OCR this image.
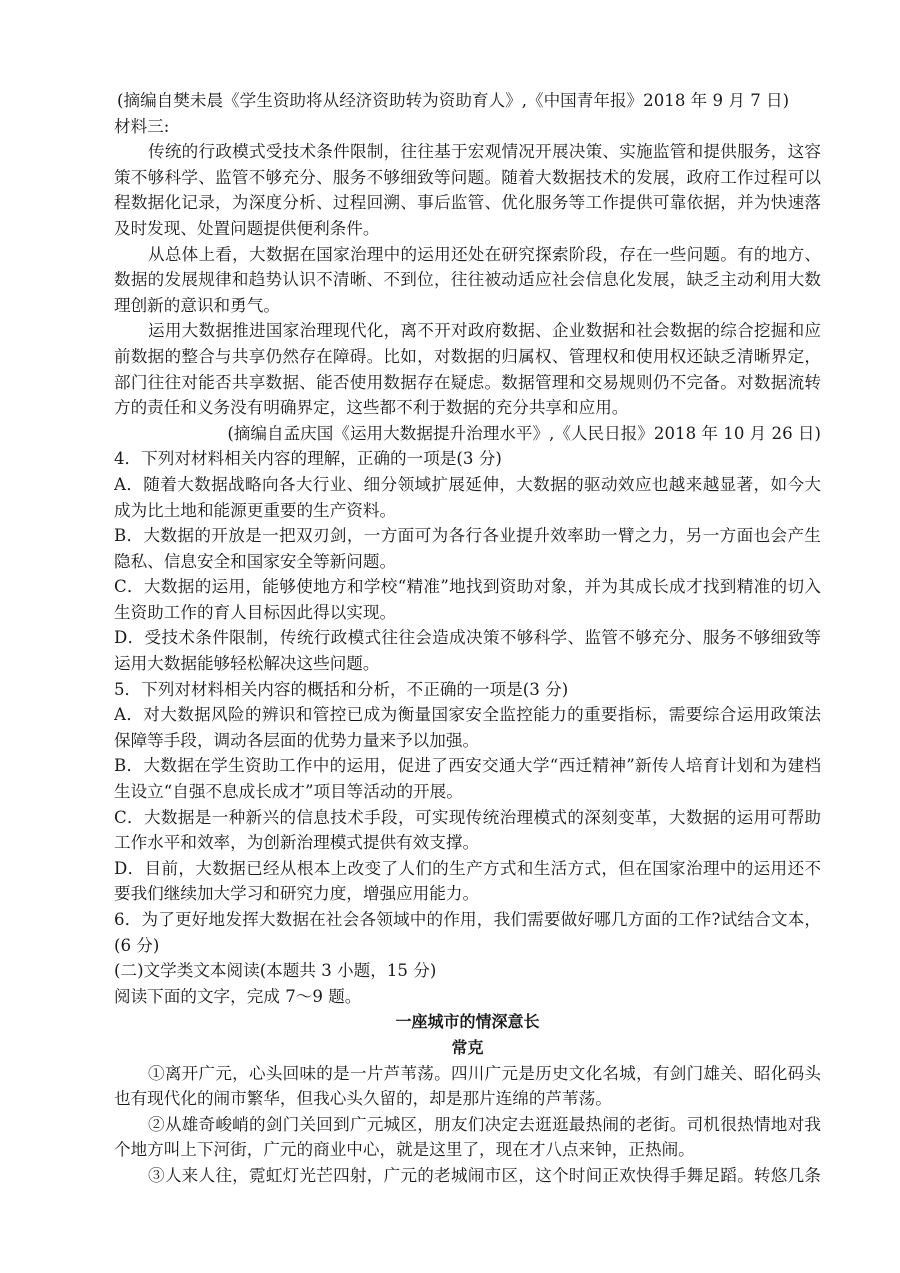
(摘编自樊未晨《学生资助将从经济资助转为资助育人》,《中国青年报》2018 年 9 月 7 日)
材料三:
传统的行政模式受技术条件限制，往往基于宏观情况开展决策、实施监管和提供服务，这容
策不够科学、监管不够充分、服务不够细致等问题。随着大数据技术的发展，政府工作过程可以
程数据化记录，为深度分析、过程回溯、事后监管、优化服务等工作提供可靠依据，并为快速落
及时发现、处置问题提供便利条件。
从总体上看，大数据在国家治理中的运用还处在研究探索阶段，存在一些问题。有的地方、
数据的发展规律和趋势认识不清晰、不到位，往往被动适应社会信息化发展，缺乏主动利用大数
理创新的意识和勇气。
运用大数据推进国家治理现代化，离不开对政府数据、企业数据和社会数据的综合挖掘和应
前数据的整合与共享仍然存在障碍。比如，对数据的归属权、管理权和使用权还缺乏清晰界定，
部门往往对能否共享数据、能否使用数据存在疑虑。数据管理和交易规则仍不完备。对数据流转
方的责任和义务没有明确界定，这些都不利于数据的充分共享和应用。
(摘编自孟庆国《运用大数据提升治理水平》,《人民日报》2018 年 10 月 26 日)
4．下列对材料相关内容的理解，正确的一项是(3 分)
A．随着大数据战略向各大行业、细分领域扩展延伸，大数据的驱动效应也越来越显著，如今大
成为比土地和能源更重要的生产资料。
B．大数据的开放是一把双刃剑，一方面可为各行各业提升效率助一臂之力，另一方面也会产生
隐私、信息安全和国家安全等新问题。
C．大数据的运用，能够使地方和学校“精准”地找到资助对象，并为其成长成才找到精准的切入
生资助工作的育人目标因此得以实现。
D．受技术条件限制，传统行政模式往往会造成决策不够科学、监管不够充分、服务不够细致等
运用大数据能够轻松解决这些问题。
5．下列对材料相关内容的概括和分析，不正确的一项是(3 分)
A．对大数据风险的辨识和管控已成为衡量国家安全监控能力的重要指标，需要综合运用政策法
保障等手段，调动各层面的优势力量来予以加强。
B．大数据在学生资助工作中的运用，促进了西安交通大学“西迁精神”新传人培育计划和为建档
生设立“自强不息成长成才”项目等活动的开展。
C．大数据是一种新兴的信息技术手段，可实现传统治理模式的深刻变革，大数据的运用可帮助
工作水平和效率，为创新治理模式提供有效支撑。
D．目前，大数据已经从根本上改变了人们的生产方式和生活方式，但在国家治理中的运用还不
要我们继续加大学习和研究力度，增强应用能力。
6．为了更好地发挥大数据在社会各领域中的作用，我们需要做好哪几方面的工作?试结合文本，
(6 分)
(二)文学类文本阅读(本题共 3 小题，15 分)
阅读下面的文字，完成 7～9 题。
一座城市的情深意长
常克
①离开广元，心头回味的是一片芦苇荡。四川广元是历史文化名城，有剑门雄关、昭化码头
也有现代化的闹市繁华，但我心头久留的，却是那片连绵的芦苇荡。
②从雄奇峻峭的剑门关回到广元城区，朋友们决定去逛逛最热闹的老街。司机很热情地对我
个地方叫上下河街，广元的商业中心，就是这里了，现在才八点来钟，正热闹。
③人来人往，霓虹灯光芒四射，广元的老城闹市区，这个时间正欢快得手舞足蹈。转悠几条
